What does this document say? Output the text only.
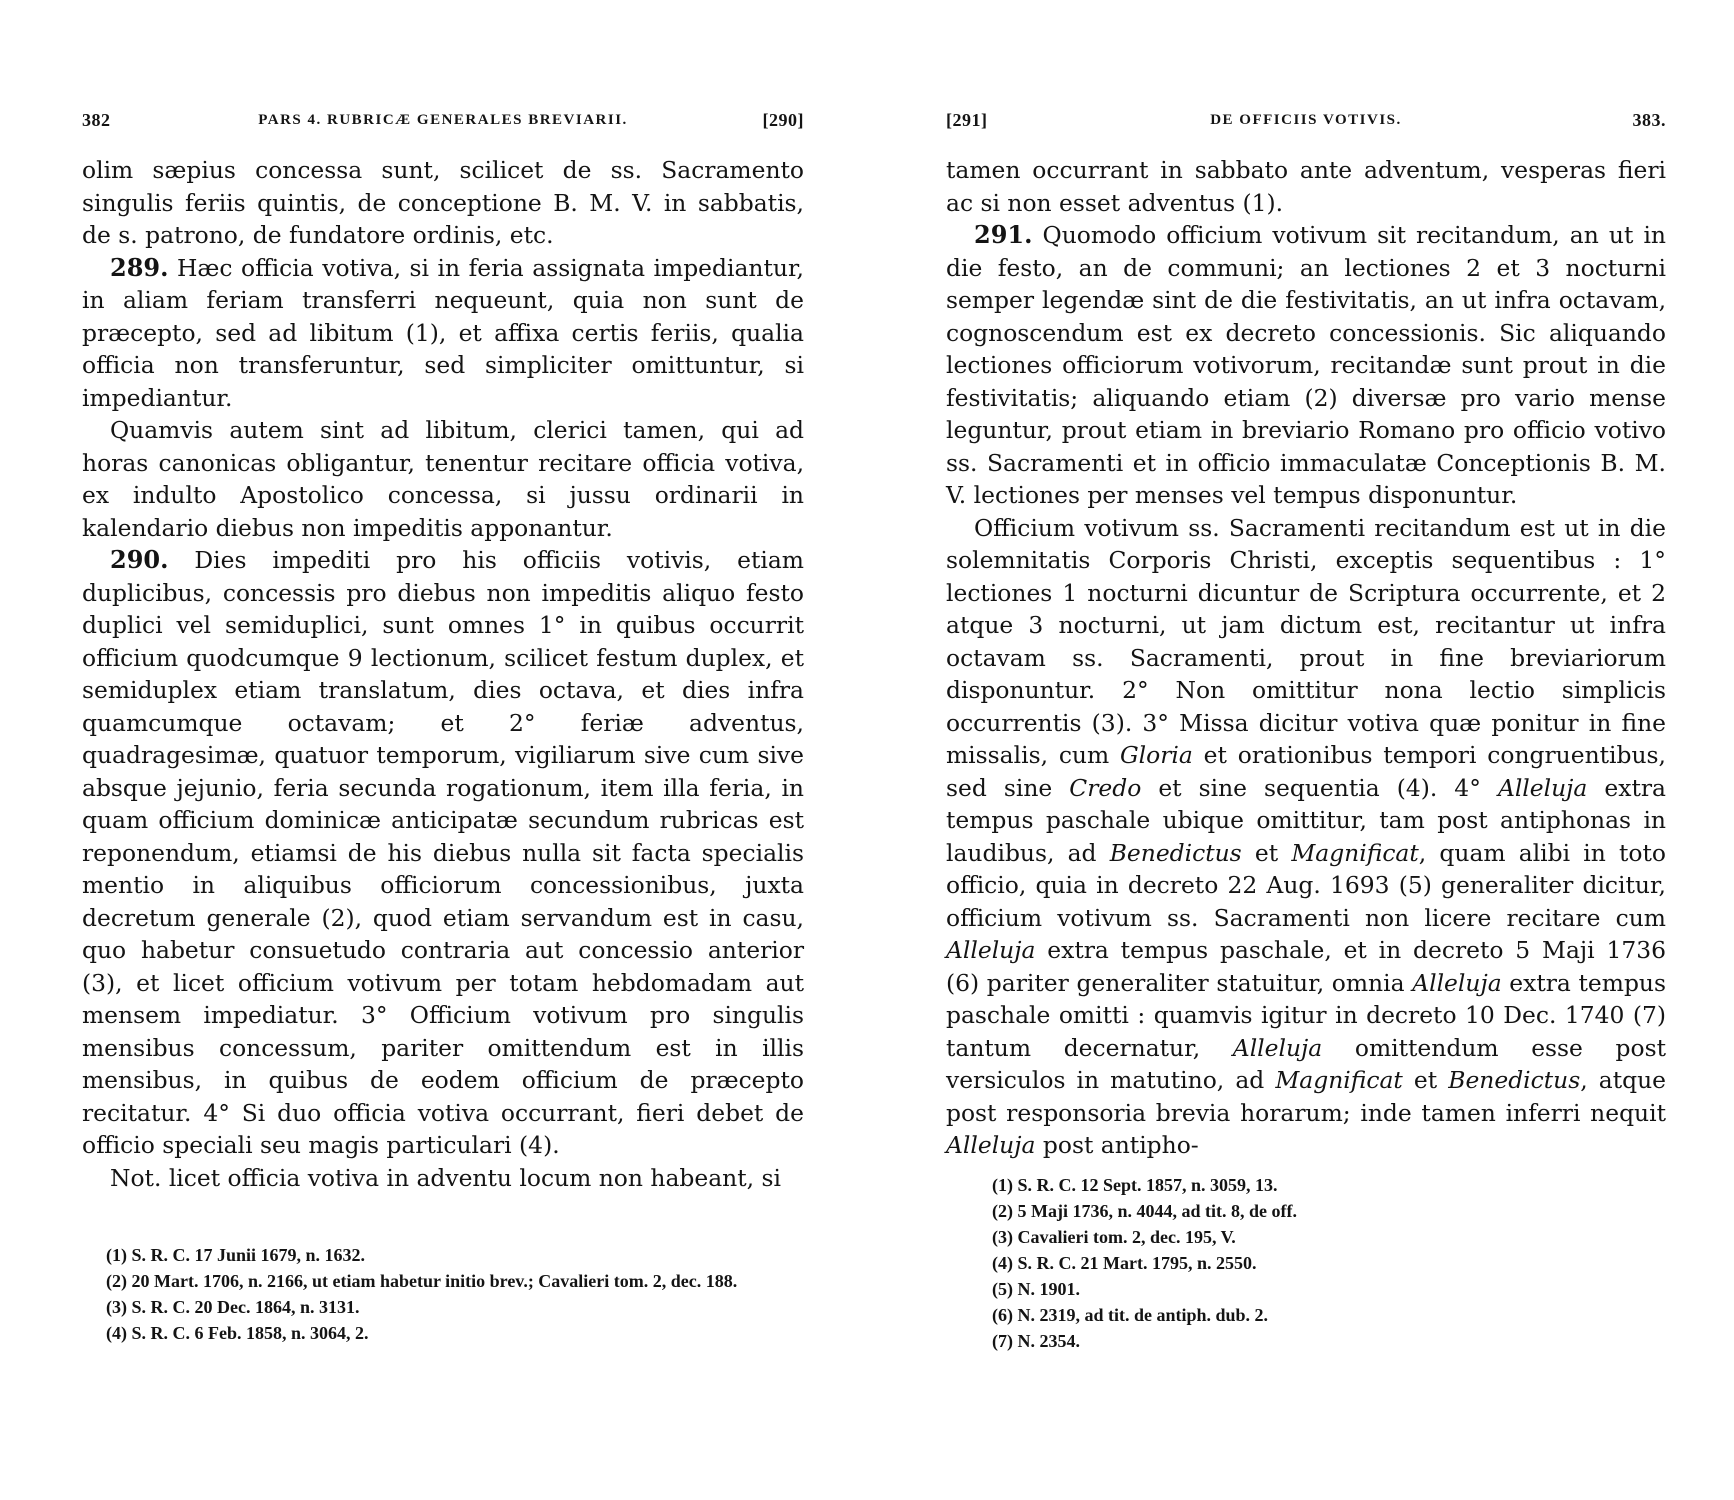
382	PARS 4. RUBRICÆ GENERALES BREVIARII.	[290]

olim sæpius concessa sunt, scilicet de ss. Sacramento singulis feriis quintis, de conceptione B. M. V. in sabbatis, de s. patrono, de fundatore ordinis, etc.

289. Hæc officia votiva, si in feria assignata impediantur, in aliam feriam transferri nequeunt, quia non sunt de præcepto, sed ad libitum (1), et affixa certis feriis, qualia officia non transferuntur, sed simpliciter omittuntur, si impediantur.

Quamvis autem sint ad libitum, clerici tamen, qui ad horas canonicas obligantur, tenentur recitare officia votiva, ex indulto Apostolico concessa, si jussu ordinarii in kalendario diebus non impeditis apponantur.

290. Dies impediti pro his officiis votivis, etiam duplicibus, concessis pro diebus non impeditis aliquo festo duplici vel semiduplici, sunt omnes 1° in quibus occurrit officium quodcumque 9 lectionum, scilicet festum duplex, et semiduplex etiam translatum, dies octava, et dies infra quamcumque octavam; et 2° feriæ adventus, quadragesimæ, quatuor temporum, vigiliarum sive cum sive absque jejunio, feria secunda rogationum, item illa feria, in quam officium dominicæ anticipatæ secundum rubricas est reponendum, etiamsi de his diebus nulla sit facta specialis mentio in aliquibus officiorum concessionibus, juxta decretum generale (2), quod etiam servandum est in casu, quo habetur consuetudo contraria aut concessio anterior (3), et licet officium votivum per totam hebdomadam aut mensem impediatur. 3° Officium votivum pro singulis mensibus concessum, pariter omittendum est in illis mensibus, in quibus de eodem officium de præcepto recitatur. 4° Si duo officia votiva occurrant, fieri debet de officio speciali seu magis particulari (4).

Not. licet officia votiva in adventu locum non habeant, si

(1) S. R. C. 17 Junii 1679, n. 1632.

(2) 20 Mart. 1706, n. 2166, ut etiam habetur initio brev.; Cavalieri tom. 2, dec. 188.

(3) S. R. C. 20 Dec. 1864, n. 3131.

(4) S. R. C. 6 Feb. 1858, n. 3064, 2.

[291]	DE OFFICIIS VOTIVIS.	383.

tamen occurrant in sabbato ante adventum, vesperas fieri ac si non esset adventus (1).

291. Quomodo officium votivum sit recitandum, an ut in die festo, an de communi; an lectiones 2 et 3 nocturni semper legendæ sint de die festivitatis, an ut infra octavam, cognoscendum est ex decreto concessionis. Sic aliquando lectiones officiorum votivorum, recitandæ sunt prout in die festivitatis; aliquando etiam (2) diversæ pro vario mense leguntur, prout etiam in breviario Romano pro officio votivo ss. Sacramenti et in officio immaculatæ Conceptionis B. M. V. lectiones per menses vel tempus disponuntur.

Officium votivum ss. Sacramenti recitandum est ut in die solemnitatis Corporis Christi, exceptis sequentibus : 1° lectiones 1 nocturni dicuntur de Scriptura occurrente, et 2 atque 3 nocturni, ut jam dictum est, recitantur ut infra octavam ss. Sacramenti, prout in fine breviariorum disponuntur. 2° Non omittitur nona lectio simplicis occurrentis (3). 3° Missa dicitur votiva quæ ponitur in fine missalis, cum Gloria et orationibus tempori congruentibus, sed sine Credo et sine sequentia (4). 4° Alleluja extra tempus paschale ubique omittitur, tam post antiphonas in laudibus, ad Benedictus et Magnificat, quam alibi in toto officio, quia in decreto 22 Aug. 1693 (5) generaliter dicitur, officium votivum ss. Sacramenti non licere recitare cum Alleluja extra tempus paschale, et in decreto 5 Maji 1736 (6) pariter generaliter statuitur, omnia Alleluja extra tempus paschale omitti : quamvis igitur in decreto 10 Dec. 1740 (7) tantum decernatur, Alleluja omittendum esse post versiculos in matutino, ad Magnificat et Benedictus, atque post responsoria brevia horarum; inde tamen inferri nequit Alleluja post antipho-

(1) S. R. C. 12 Sept. 1857, n. 3059, 13.

(2) 5 Maji 1736, n. 4044, ad tit. 8, de off.

(3) Cavalieri tom. 2, dec. 195, V.

(4) S. R. C. 21 Mart. 1795, n. 2550.

(5) N. 1901.

(6) N. 2319, ad tit. de antiph. dub. 2.

(7) N. 2354.
